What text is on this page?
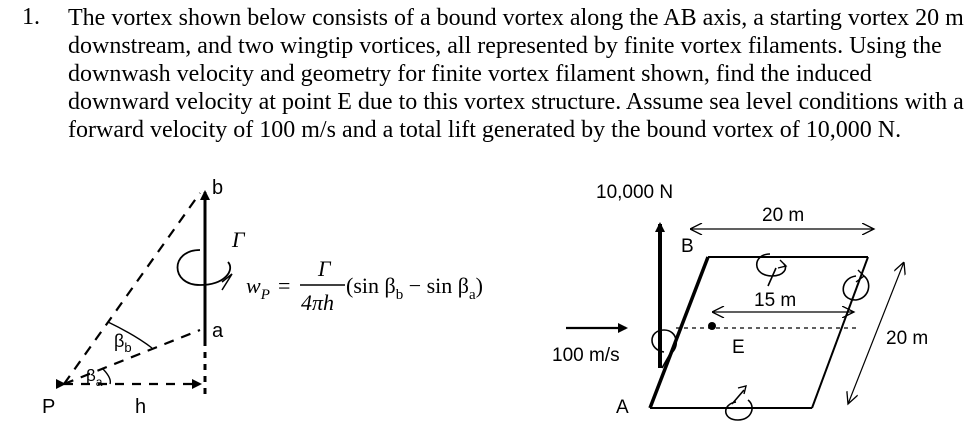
1. The vortex shown below consists of a bound vortex along the AB axis, a starting vortex 20 m downstream, and two wingtip vortices, all represented by finite vortex filaments. Using the downwash velocity and geometry for finite vortex filament shown, find the induced downward velocity at point E due to this vortex structure. Assume sea level conditions with a forward velocity of 100 m/s and a total lift generated by the bound vortex of 10,000 N.
b
a
P	h
Γ
$\beta_b$
$\beta_a$
$w_P$ =
Γ
4πh
(sin $\beta_b - \sin \beta_a$)
10,000 N
20 m
15 m
20 m
100 m/s
A
B
E
